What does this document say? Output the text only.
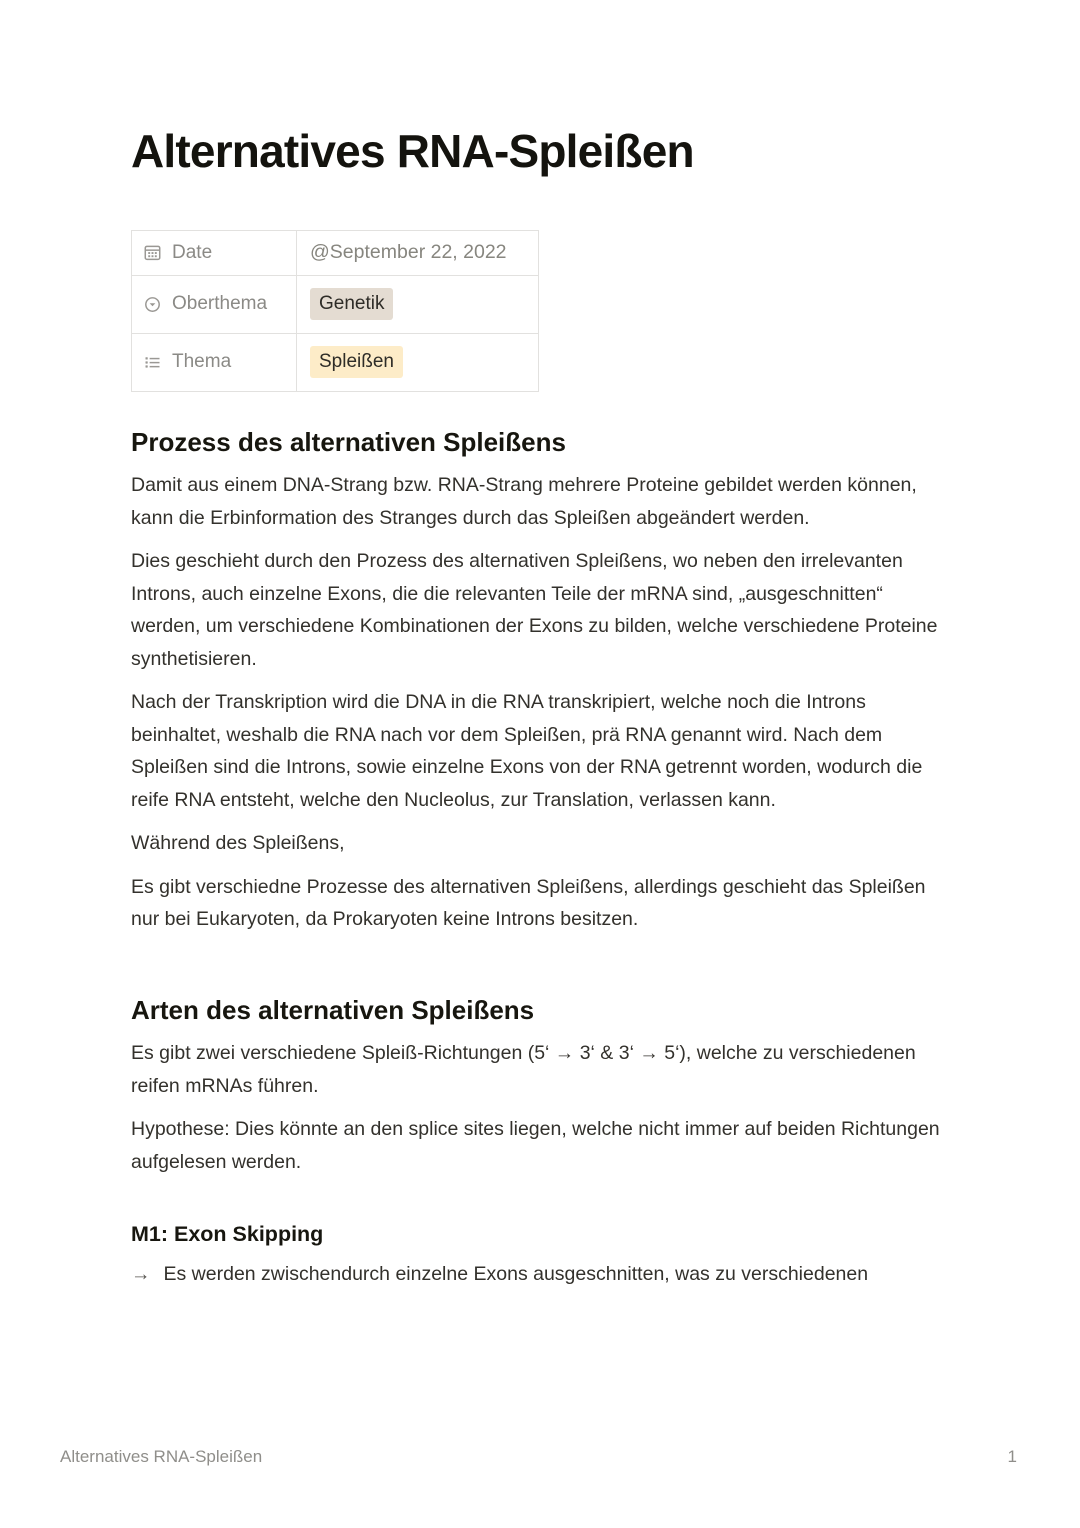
Alternatives RNA-Spleißen
Date	@September 22, 2022

Oberthema	Genetik

Thema	Spleißen
Prozess des alternativen Spleißens

Damit aus einem DNA-Strang bzw. RNA-Strang mehrere Proteine gebildet werden können, kann die Erbinformation des Stranges durch das Spleißen abgeändert werden.

Dies geschieht durch den Prozess des alternativen Spleißens, wo neben den irrelevanten Introns, auch einzelne Exons, die die relevanten Teile der mRNA sind, „ausgeschnitten“ werden, um verschiedene Kombinationen der Exons zu bilden, welche verschiedene Proteine synthetisieren.

Nach der Transkription wird die DNA in die RNA transkripiert, welche noch die Introns beinhaltet, weshalb die RNA nach vor dem Spleißen, prä RNA genannt wird. Nach dem Spleißen sind die Introns, sowie einzelne Exons von der RNA getrennt worden, wodurch die reife RNA entsteht, welche den Nucleolus, zur Translation, verlassen kann.

Während des Spleißens,

Es gibt verschiedne Prozesse des alternativen Spleißens, allerdings geschieht das Spleißen nur bei Eukaryoten, da Prokaryoten keine Introns besitzen.

Arten des alternativen Spleißens

Es gibt zwei verschiedene Spleiß-Richtungen (5‘ → 3‘ & 3‘ → 5‘), welche zu verschiedenen reifen mRNAs führen.

Hypothese: Dies könnte an den splice sites liegen, welche nicht immer auf beiden Richtungen aufgelesen werden.

M1: Exon Skipping
→ Es werden zwischendurch einzelne Exons ausgeschnitten, was zu verschiedenen
Alternatives RNA-Spleißen	1
